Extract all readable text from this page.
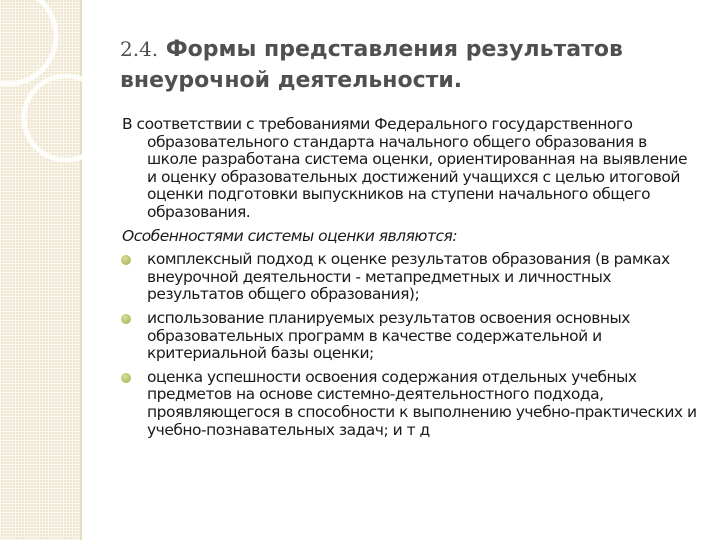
2.4. Формы представления результатов внеурочной деятельности.

В соответствии с требованиями Федерального государственного образовательного стандарта начального общего образования в школе разработана система оценки, ориентированная на выявление и оценку образовательных достижений учащихся с целью итоговой оценки подготовки выпускников на ступени начального общего образования.

Особенностями системы оценки являются:

комплексный подход к оценке результатов образования (в рамках внеурочной деятельности - метапредметных и личностных результатов общего образования);
использование планируемых результатов освоения основных образовательных программ в качестве содержательной и критериальной базы оценки;
оценка успешности освоения содержания отдельных учебных предметов на основе системно-деятельностного подхода, проявляющегося в способности к выполнению учебно-практических и учебно-познавательных задач; и т д
